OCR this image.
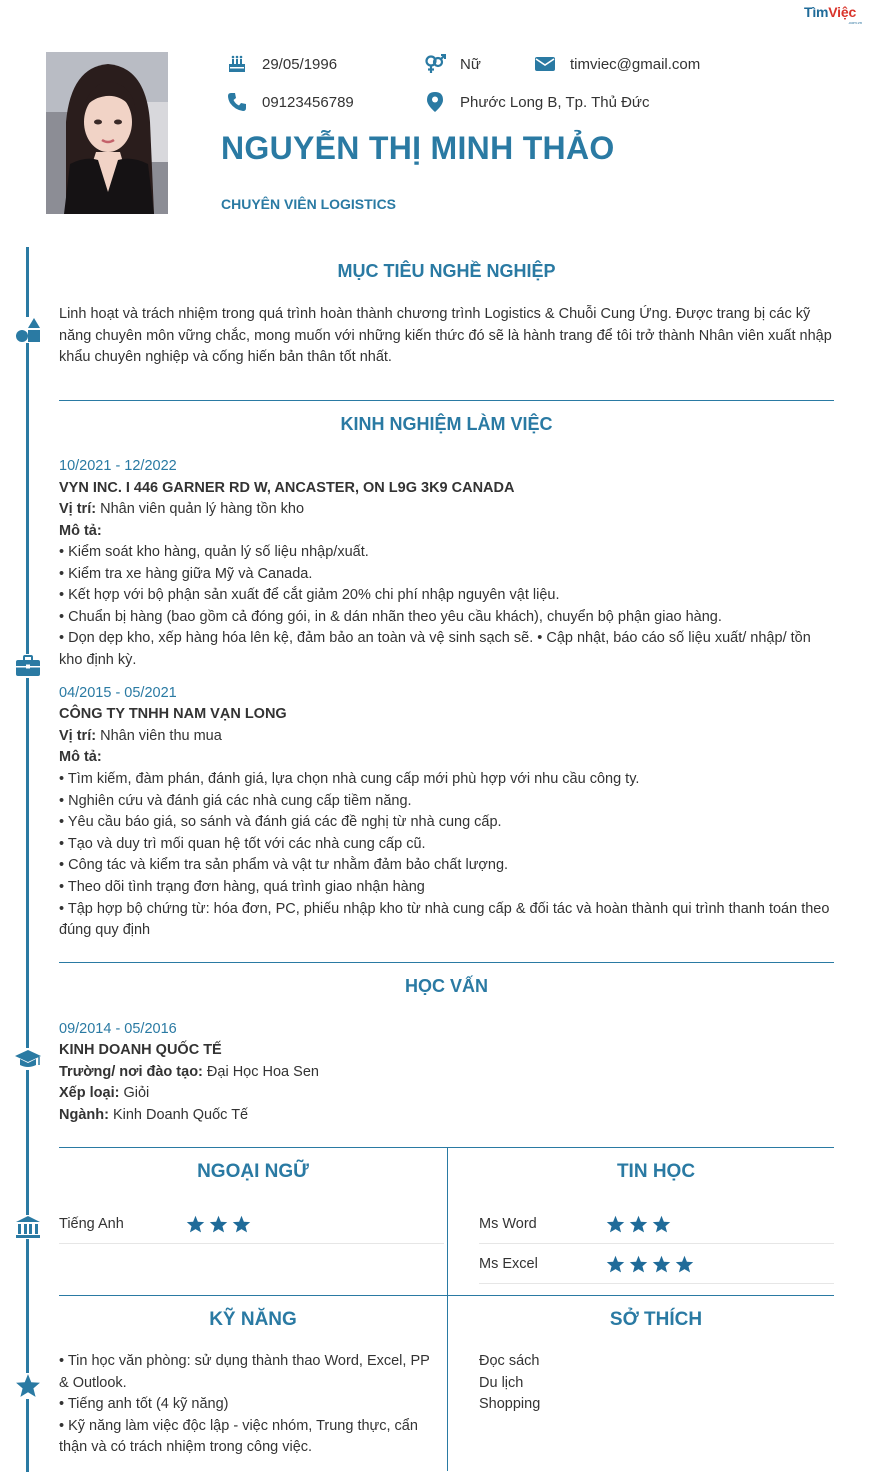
TìmViệc
.com.vn
29/05/1996	Nữ	timviec@gmail.com
09123456789	Phước Long B, Tp. Thủ Đức
NGUYỄN THỊ MINH THẢO
CHUYÊN VIÊN LOGISTICS
MỤC TIÊU NGHỀ NGHIỆP
Linh hoạt và trách nhiệm trong quá trình hoàn thành chương trình Logistics & Chuỗi Cung Ứng. Được trang bị các kỹ năng chuyên môn vững chắc, mong muốn với những kiến thức đó sẽ là hành trang để tôi trở thành Nhân viên xuất nhập khẩu chuyên nghiệp và cống hiến bản thân tốt nhất.
KINH NGHIỆM LÀM VIỆC
10/2021 - 12/2022
VYN INC. I 446 GARNER RD W, ANCASTER, ON L9G 3K9 CANADA
Vị trí: Nhân viên quản lý hàng tồn kho
Mô tả:
• Kiểm soát kho hàng, quản lý số liệu nhập/xuất.
• Kiểm tra xe hàng giữa Mỹ và Canada.
• Kết hợp với bộ phận sản xuất để cắt giảm 20% chi phí nhập nguyên vật liệu.
• Chuẩn bị hàng (bao gồm cả đóng gói, in & dán nhãn theo yêu cầu khách), chuyển bộ phận giao hàng.
• Dọn dẹp kho, xếp hàng hóa lên kệ, đảm bảo an toàn và vệ sinh sạch sẽ. • Cập nhật, báo cáo số liệu xuất/ nhập/ tồn kho định kỳ.
04/2015 - 05/2021
CÔNG TY TNHH NAM VẠN LONG
Vị trí: Nhân viên thu mua
Mô tả:
• Tìm kiếm, đàm phán, đánh giá, lựa chọn nhà cung cấp mới phù hợp với nhu cầu công ty.
• Nghiên cứu và đánh giá các nhà cung cấp tiềm năng.
• Yêu cầu báo giá, so sánh và đánh giá các đề nghị từ nhà cung cấp.
• Tạo và duy trì mối quan hệ tốt với các nhà cung cấp cũ.
• Công tác và kiểm tra sản phẩm và vật tư nhằm đảm bảo chất lượng.
• Theo dõi tình trạng đơn hàng, quá trình giao nhận hàng
• Tập hợp bộ chứng từ: hóa đơn, PC, phiếu nhập kho từ nhà cung cấp & đối tác và hoàn thành qui trình thanh toán theo đúng quy định
HỌC VẤN
09/2014 - 05/2016
KINH DOANH QUỐC TẾ
Trường/ nơi đào tạo: Đại Học Hoa Sen
Xếp loại: Giỏi
Ngành: Kinh Doanh Quốc Tế
NGOẠI NGỮ	TIN HỌC
Tiếng Anh	Ms Word
Ms Excel
KỸ NĂNG	SỞ THÍCH
• Tin học văn phòng: sử dụng thành thao Word, Excel, PP
& Outlook.
• Tiếng anh tốt (4 kỹ năng)
• Kỹ năng làm việc độc lập - việc nhóm, Trung thực, cẩn
thận và có trách nhiệm trong công việc.
Đọc sách
Du lịch
Shopping
